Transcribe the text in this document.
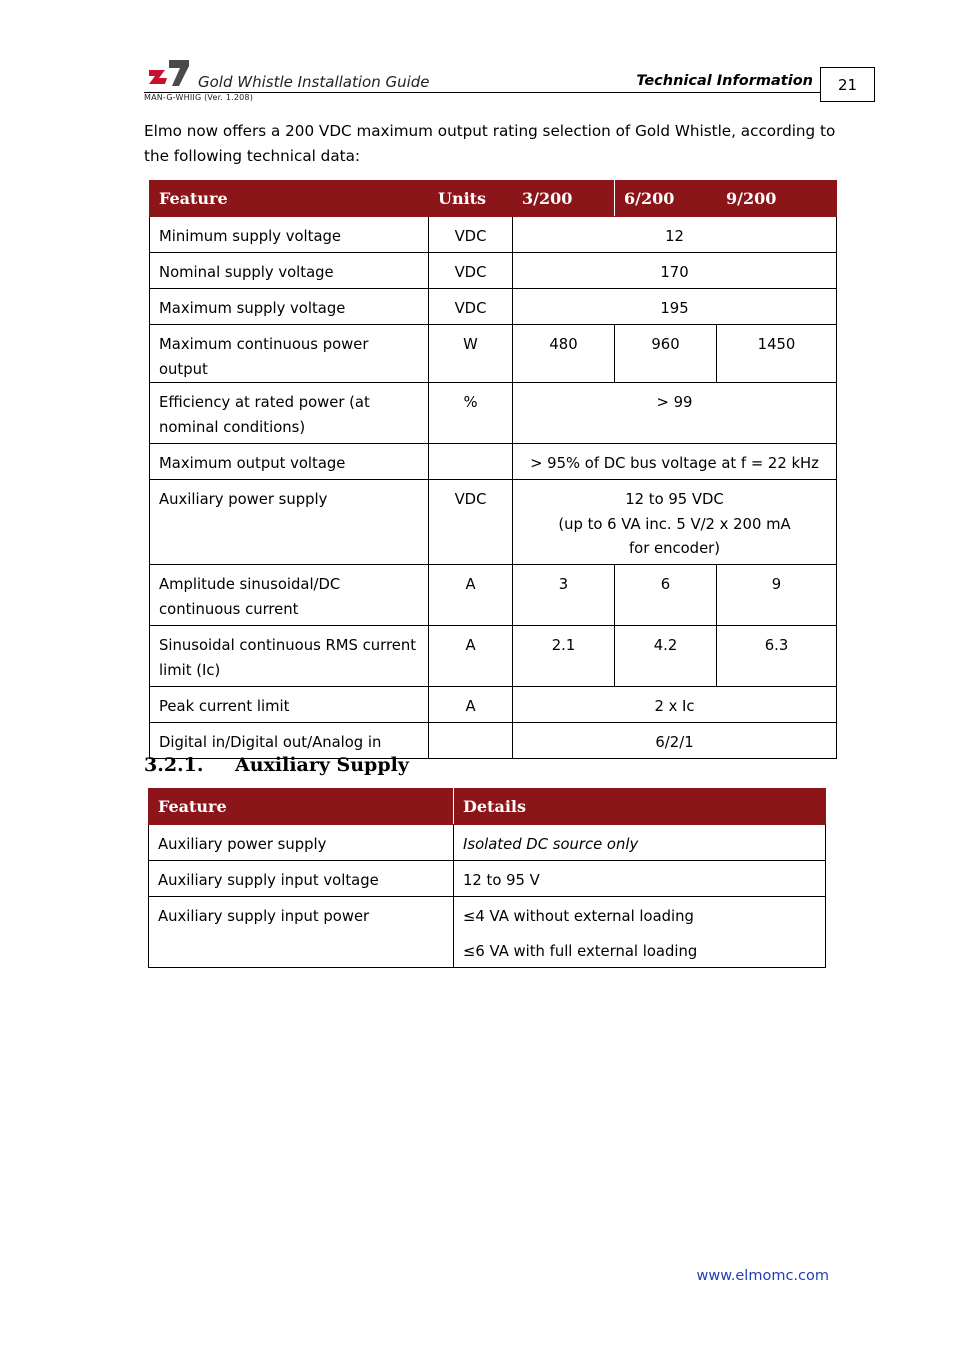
Gold Whistle Installation Guide
MAN-G-WHIIG (Ver. 1.208)
Technical Information	21
Elmo now offers a 200 VDC maximum output rating selection of Gold Whistle, according to the following technical data:
Feature	Units	3/200	6/200	9/200
Minimum supply voltage	VDC	12		
Nominal supply voltage	VDC	170		
Maximum supply voltage	VDC	195		
Maximum continuous power output	W	480	960	1450
Efficiency at rated power (at nominal conditions)	%	> 99		
Maximum output voltage		> 95% of DC bus voltage at f = 22 kHz		
Auxiliary power supply	VDC	12 to 95 VDC
(up to 6 VA inc. 5 V/2 x 200 mA for encoder)		

Amplitude sinusoidal/DC continuous current	A	3	6	9
Sinusoidal continuous RMS current limit (Ic)	A	2.1	4.2	6.3
Peak current limit	A	2 x Ic		
Digital in/Digital out/Analog in		6/2/1		
3.2.1. Auxiliary Supply
Feature	Details
Auxiliary power supply	Isolated DC source only
Auxiliary supply input voltage	12 to 95 V
Auxiliary supply input power	≤4 VA without external loading
≤6 VA with full external loading
www.elmomc.com
